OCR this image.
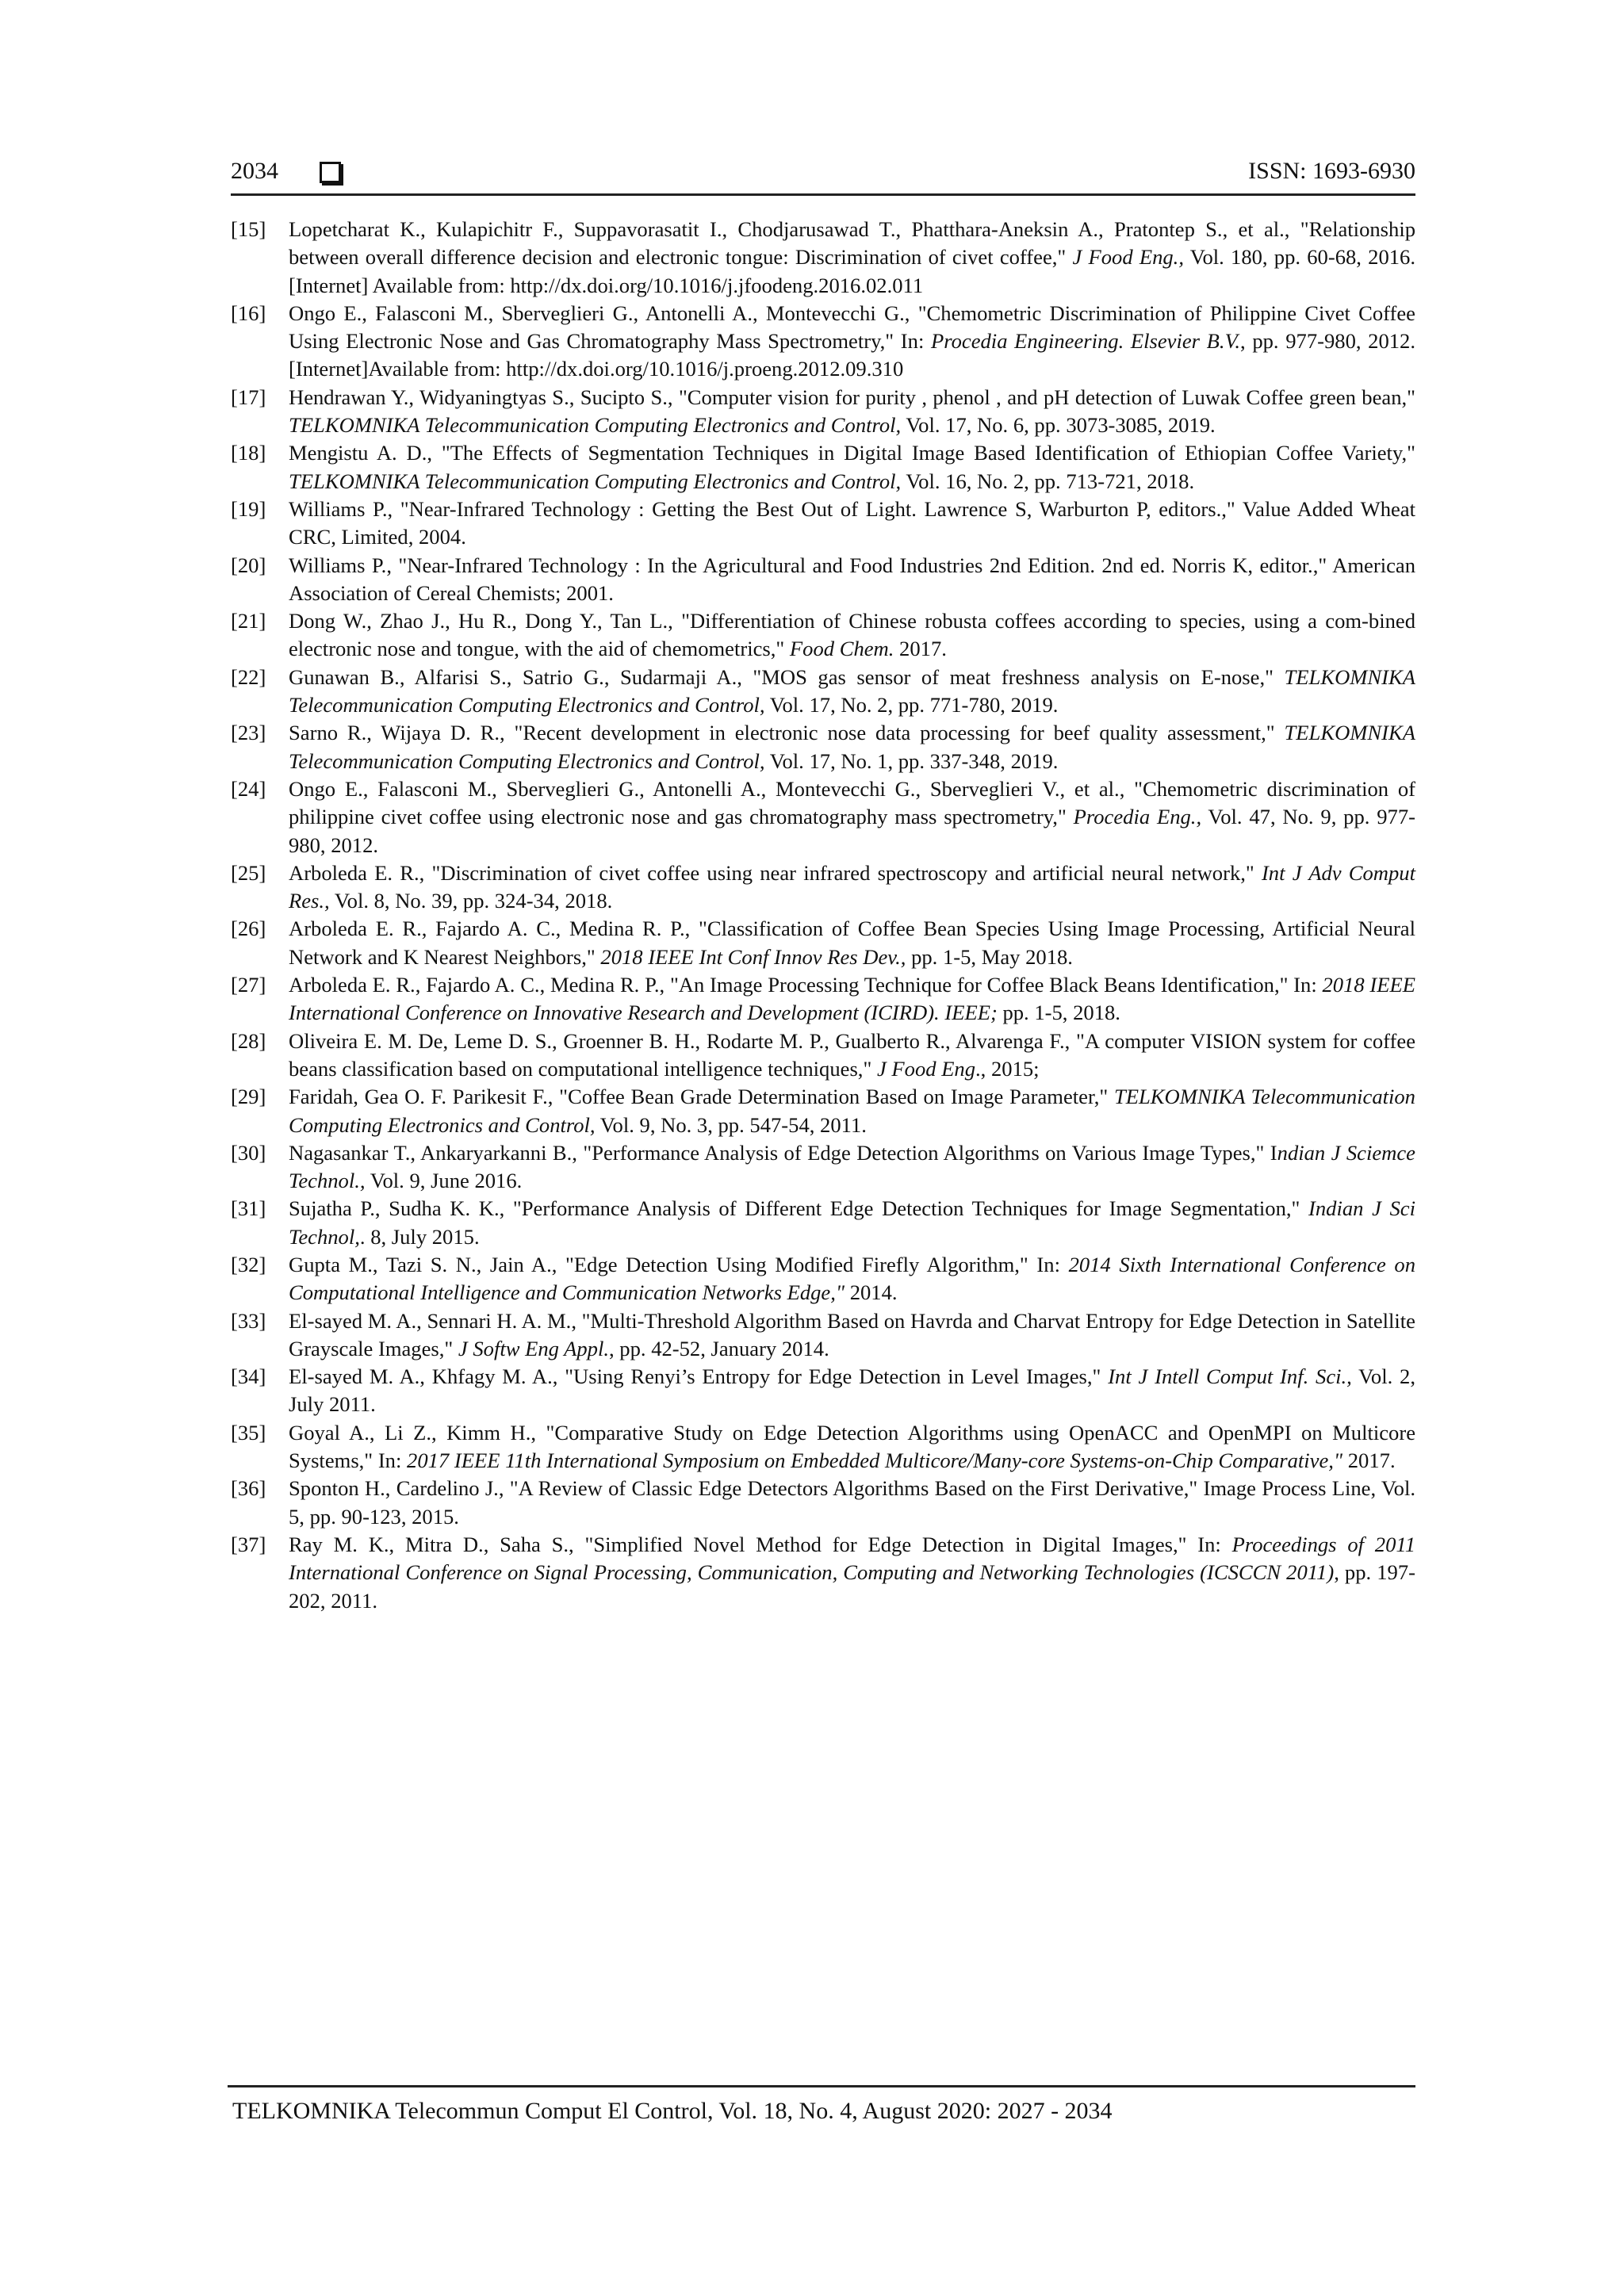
2034	ISSN: 1693-6930
[15] Lopetcharat K., Kulapichitr F., Suppavorasatit I., Chodjarusawad T., Phatthara-Aneksin A., Pratontep S., et al., "Relationship between overall difference decision and electronic tongue: Discrimination of civet coffee," J Food Eng., Vol. 180, pp. 60-68, 2016. [Internet] Available from: http://dx.doi.org/10.1016/j.jfoodeng.2016.02.011
[16] Ongo E., Falasconi M., Sberveglieri G., Antonelli A., Montevecchi G., "Chemometric Discrimination of Philippine Civet Coffee Using Electronic Nose and Gas Chromatography Mass Spectrometry," In: Procedia Engineering. Elsevier B.V., pp. 977-980, 2012. [Internet]Available from: http://dx.doi.org/10.1016/j.proeng.2012.09.310
[17] Hendrawan Y., Widyaningtyas S., Sucipto S., "Computer vision for purity , phenol , and pH detection of Luwak Coffee green bean," TELKOMNIKA Telecommunication Computing Electronics and Control, Vol. 17, No. 6, pp. 3073-3085, 2019.
[18] Mengistu A. D., "The Effects of Segmentation Techniques in Digital Image Based Identification of Ethiopian Coffee Variety," TELKOMNIKA Telecommunication Computing Electronics and Control, Vol. 16, No. 2, pp. 713-721, 2018.
[19] Williams P., "Near-Infrared Technology : Getting the Best Out of Light. Lawrence S, Warburton P, editors.," Value Added Wheat CRC, Limited, 2004.
[20] Williams P., "Near-Infrared Technology : In the Agricultural and Food Industries 2nd Edition. 2nd ed. Norris K, editor.," American Association of Cereal Chemists; 2001.
[21] Dong W., Zhao J., Hu R., Dong Y., Tan L., "Differentiation of Chinese robusta coffees according to species, using a com-bined electronic nose and tongue, with the aid of chemometrics," Food Chem. 2017.
[22] Gunawan B., Alfarisi S., Satrio G., Sudarmaji A., "MOS gas sensor of meat freshness analysis on E-nose," TELKOMNIKA Telecommunication Computing Electronics and Control, Vol. 17, No. 2, pp. 771-780, 2019.
[23] Sarno R., Wijaya D. R., "Recent development in electronic nose data processing for beef quality assessment," TELKOMNIKA Telecommunication Computing Electronics and Control, Vol. 17, No. 1, pp. 337-348, 2019.
[24] Ongo E., Falasconi M., Sberveglieri G., Antonelli A., Montevecchi G., Sberveglieri V., et al., "Chemometric discrimination of philippine civet coffee using electronic nose and gas chromatography mass spectrometry," Procedia Eng., Vol. 47, No. 9, pp. 977-980, 2012.
[25] Arboleda E. R., "Discrimination of civet coffee using near infrared spectroscopy and artificial neural network," Int J Adv Comput Res., Vol. 8, No. 39, pp. 324-34, 2018.
[26] Arboleda E. R., Fajardo A. C., Medina R. P., "Classification of Coffee Bean Species Using Image Processing, Artificial Neural Network and K Nearest Neighbors," 2018 IEEE Int Conf Innov Res Dev., pp. 1-5, May 2018.
[27] Arboleda E. R., Fajardo A. C., Medina R. P., "An Image Processing Technique for Coffee Black Beans Identification," In: 2018 IEEE International Conference on Innovative Research and Development (ICIRD). IEEE; pp. 1-5, 2018.
[28] Oliveira E. M. De, Leme D. S., Groenner B. H., Rodarte M. P., Gualberto R., Alvarenga F., "A computer VISION system for coffee beans classification based on computational intelligence techniques," J Food Eng., 2015;
[29] Faridah, Gea O. F. Parikesit F., "Coffee Bean Grade Determination Based on Image Parameter," TELKOMNIKA Telecommunication Computing Electronics and Control, Vol. 9, No. 3, pp. 547-54, 2011.
[30] Nagasankar T., Ankaryarkanni B., "Performance Analysis of Edge Detection Algorithms on Various Image Types," Indian J Sciemce Technol., Vol. 9, June 2016.
[31] Sujatha P., Sudha K. K., "Performance Analysis of Different Edge Detection Techniques for Image Segmentation," Indian J Sci Technol,. 8, July 2015.
[32] Gupta M., Tazi S. N., Jain A., "Edge Detection Using Modified Firefly Algorithm," In: 2014 Sixth International Conference on Computational Intelligence and Communication Networks Edge," 2014.
[33] El-sayed M. A., Sennari H. A. M., "Multi-Threshold Algorithm Based on Havrda and Charvat Entropy for Edge Detection in Satellite Grayscale Images," J Softw Eng Appl., pp. 42-52, January 2014.
[34] El-sayed M. A., Khfagy M. A., "Using Renyi’s Entropy for Edge Detection in Level Images," Int J Intell Comput Inf. Sci., Vol. 2, July 2011.
[35] Goyal A., Li Z., Kimm H., "Comparative Study on Edge Detection Algorithms using OpenACC and OpenMPI on Multicore Systems," In: 2017 IEEE 11th International Symposium on Embedded Multicore/Many-core Systems-on-Chip Comparative," 2017.
[36] Sponton H., Cardelino J., "A Review of Classic Edge Detectors Algorithms Based on the First Derivative," Image Process Line, Vol. 5, pp. 90-123, 2015.
[37] Ray M. K., Mitra D., Saha S., "Simplified Novel Method for Edge Detection in Digital Images," In: Proceedings of 2011 International Conference on Signal Processing, Communication, Computing and Networking Technologies (ICSCCN 2011), pp. 197-202, 2011.
TELKOMNIKA Telecommun Comput El Control, Vol. 18, No. 4, August 2020: 2027 - 2034
